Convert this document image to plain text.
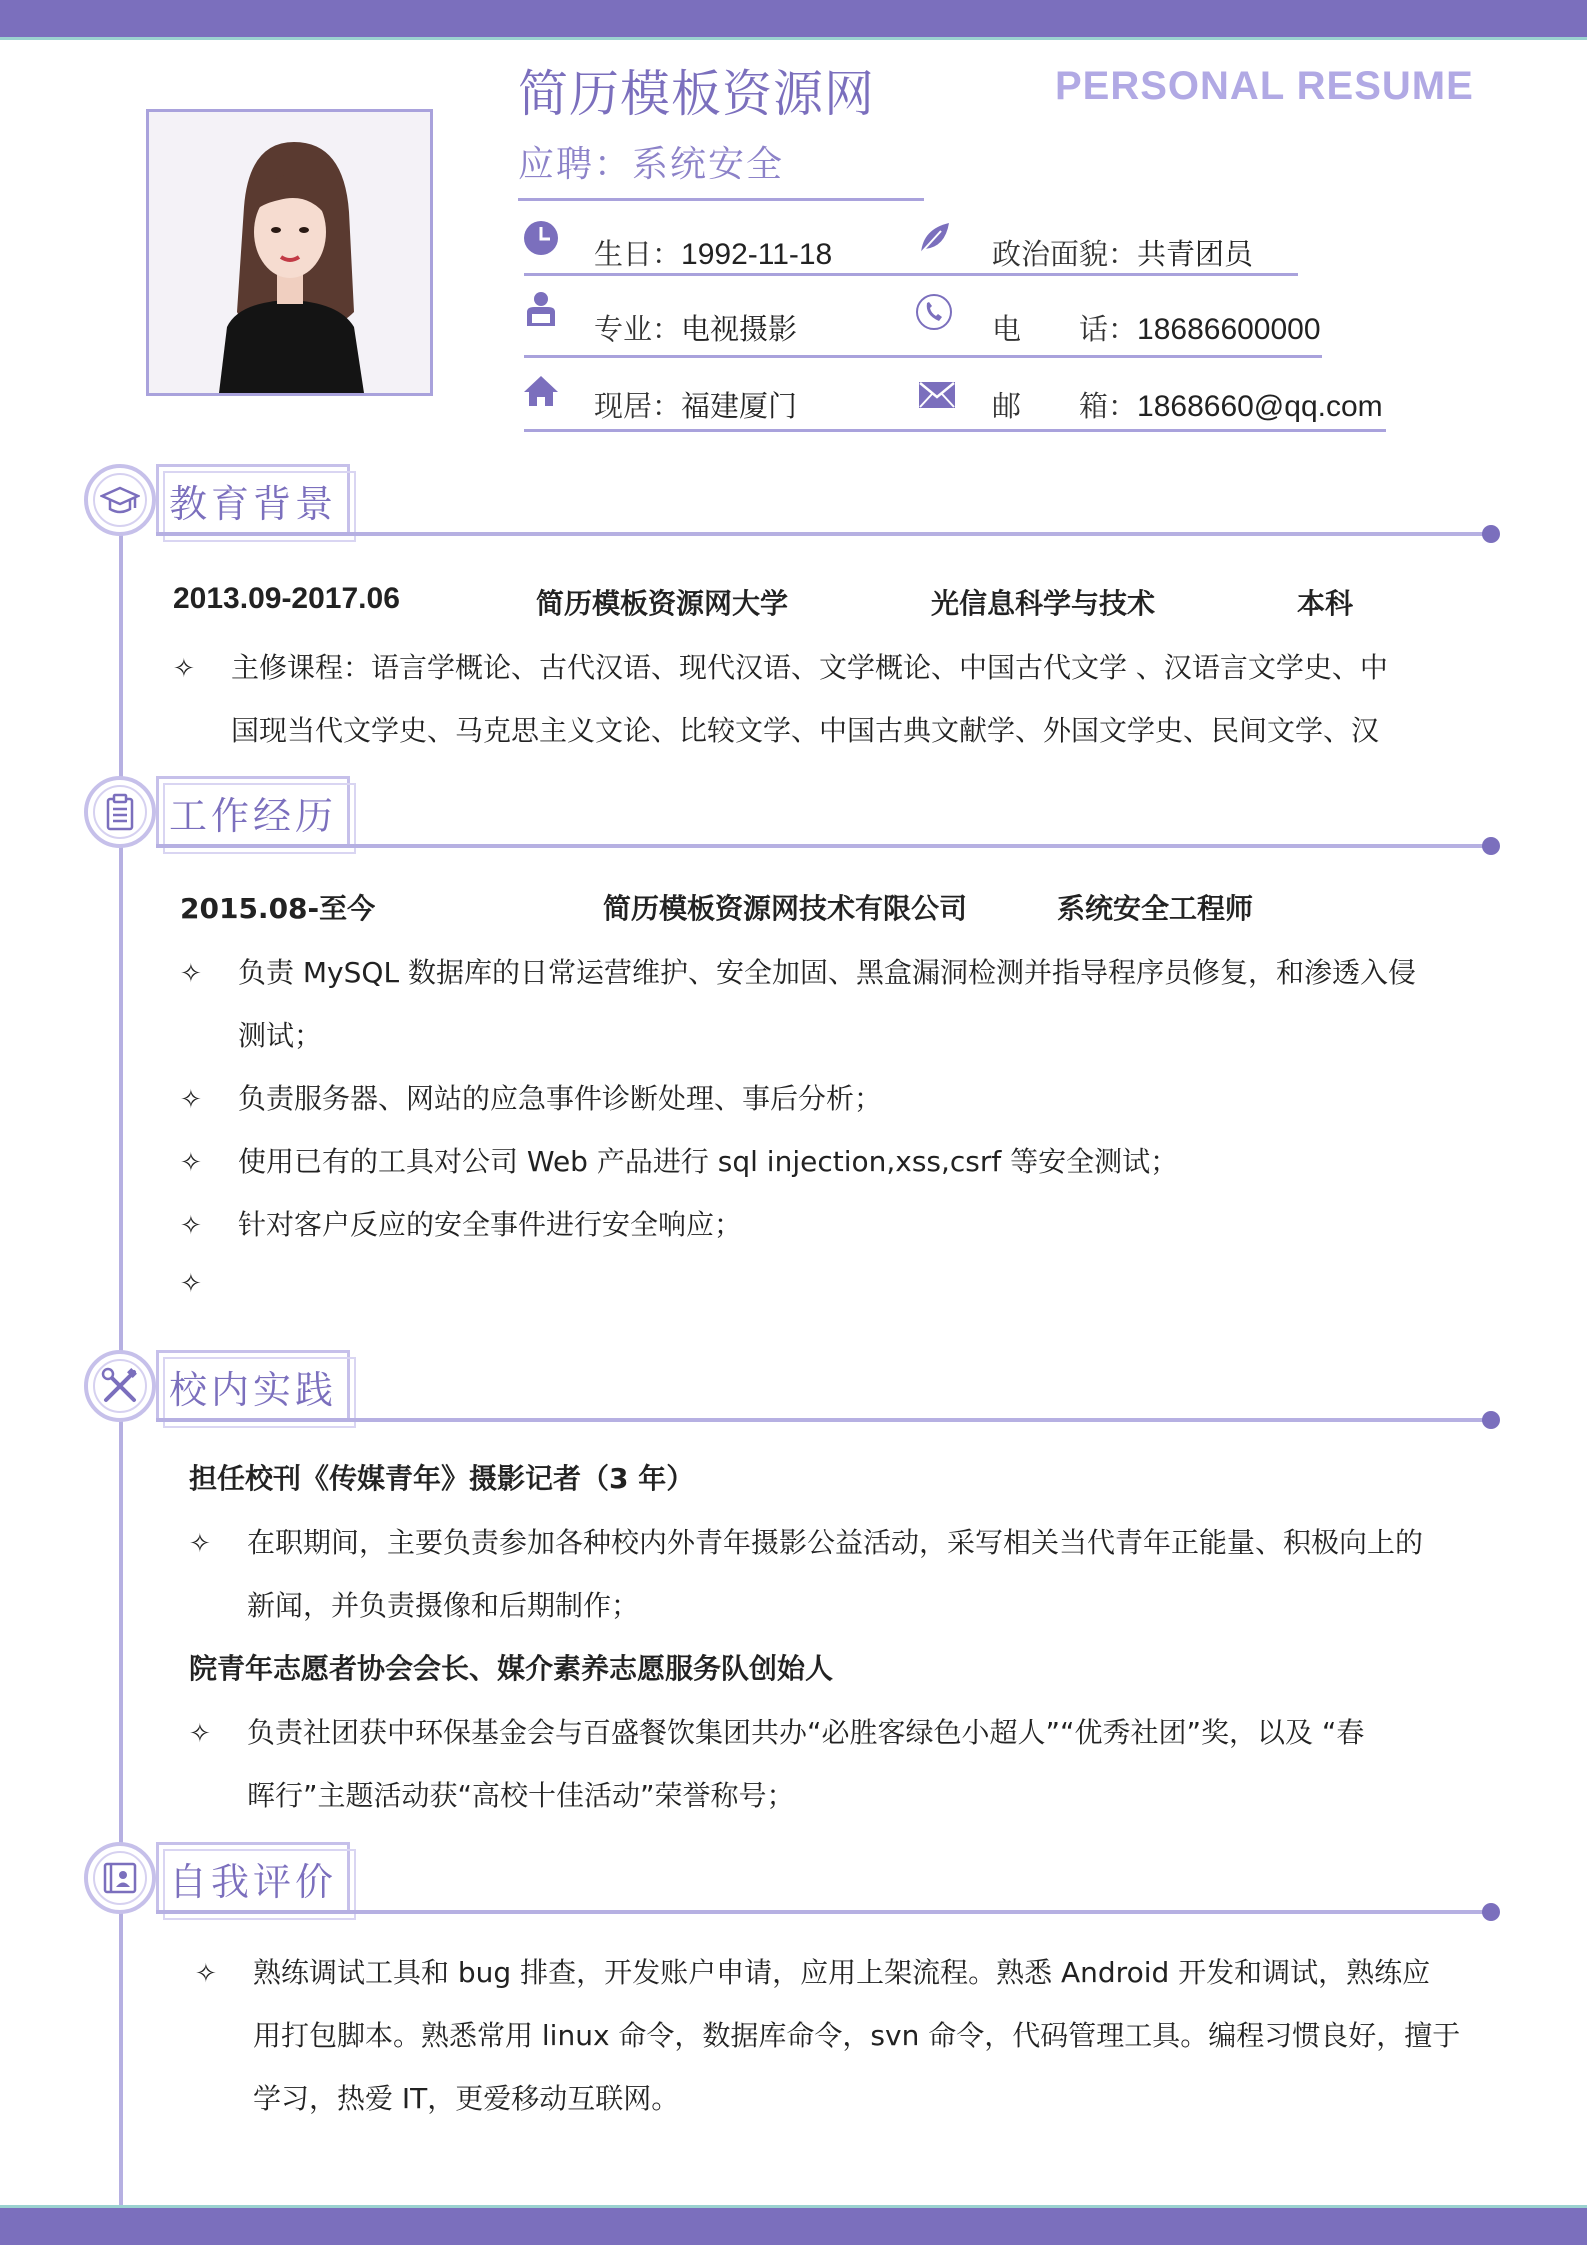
简历模板资源网	PERSONAL RESUME
应聘：系统安全
生日：1992-11-18	政治面貌：共青团员
专业：电视摄影	电　　话：18686600000
现居：福建厦门	邮　　箱：1868660@qq.com
教育背景
2013.09-2017.06	简历模板资源网大学	光信息科学与技术	本科
✧ 主修课程：语言学概论、古代汉语、现代汉语、文学概论、中国古代文学 、汉语言文学史、中
国现当代文学史、马克思主义文论、比较文学、中国古典文献学、外国文学史、民间文学、汉
工作经历
2015.08-至今	简历模板资源网技术有限公司	系统安全工程师
✧ 负责 MySQL 数据库的日常运营维护、安全加固、黑盒漏洞检测并指导程序员修复，和渗透入侵
测试；
✧ 负责服务器、网站的应急事件诊断处理、事后分析；
✧ 使用已有的工具对公司 Web 产品进行 sql injection,xss,csrf 等安全测试；
✧ 针对客户反应的安全事件进行安全响应；
✧
校内实践
担任校刊《传媒青年》摄影记者（3 年）
✧ 在职期间，主要负责参加各种校内外青年摄影公益活动，采写相关当代青年正能量、积极向上的
新闻，并负责摄像和后期制作；
院青年志愿者协会会长、媒介素养志愿服务队创始人
✧ 负责社团获中环保基金会与百盛餐饮集团共办“必胜客绿色小超人”“优秀社团”奖，以及 “春
晖行”主题活动获“高校十佳活动”荣誉称号；
自我评价
✧ 熟练调试工具和 bug 排查，开发账户申请，应用上架流程。熟悉 Android 开发和调试，熟练应
用打包脚本。熟悉常用 linux 命令，数据库命令，svn 命令，代码管理工具。编程习惯良好，擅于
学习，热爱 IT，更爱移动互联网。
